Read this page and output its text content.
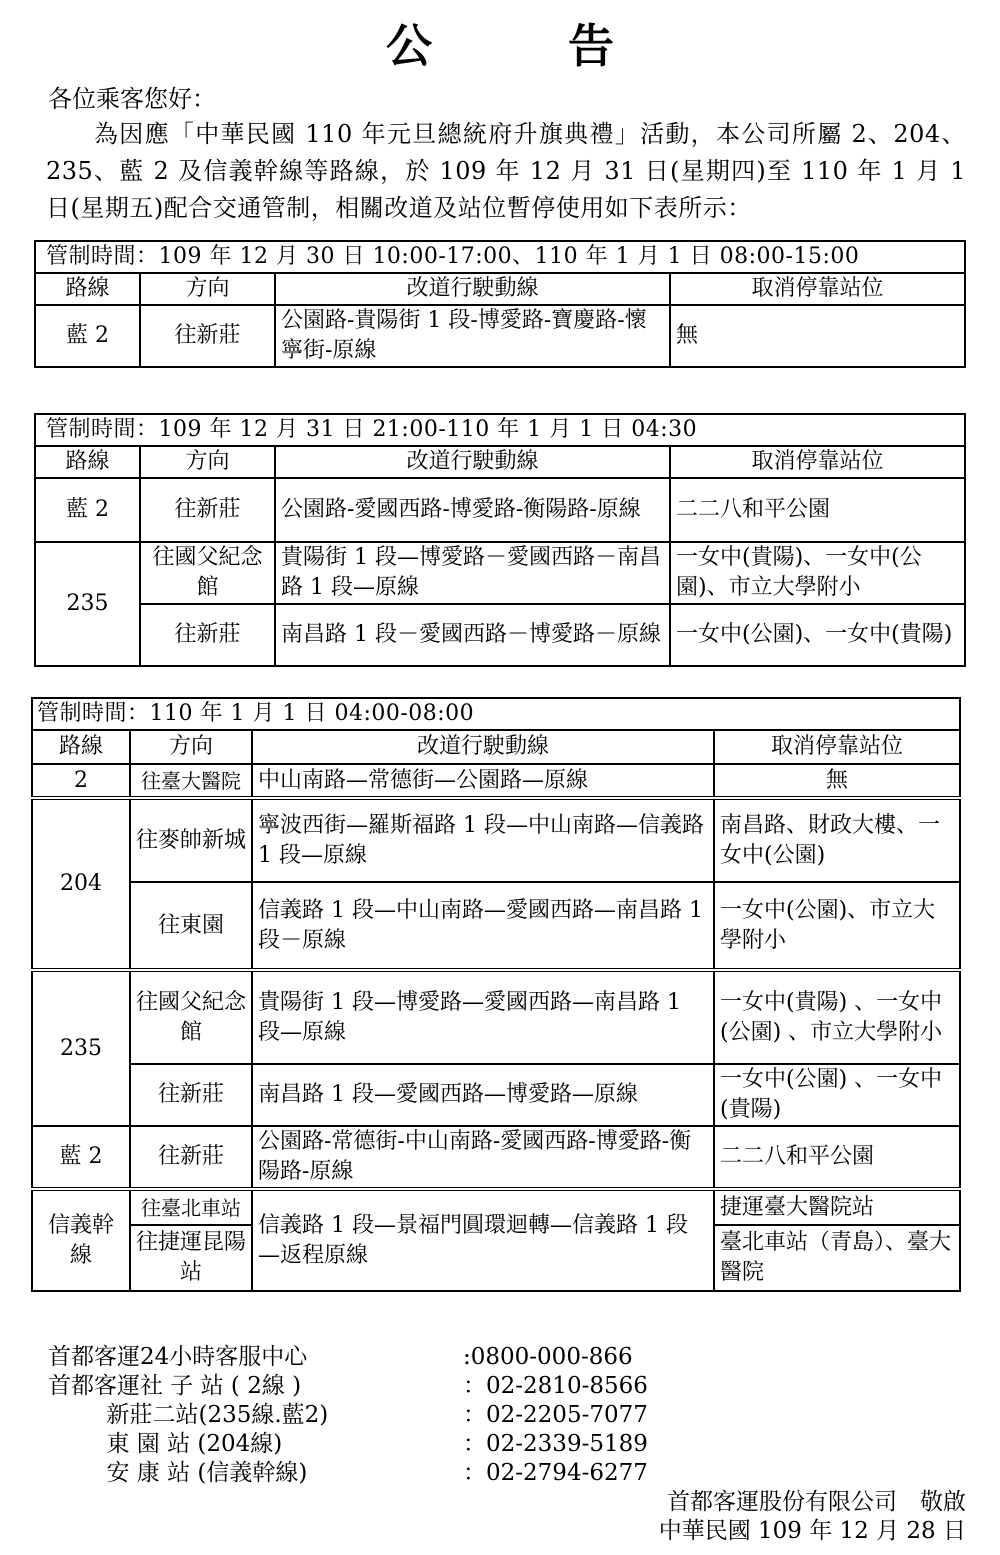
公 告
各位乘客您好：
為因應「中華民國 110 年元旦總統府升旗典禮」活動，本公司所屬 2、204、235、藍 2 及信義幹線等路線，於 109 年 12 月 31 日(星期四)至 110 年 1 月 1 日(星期五)配合交通管制，相關改道及站位暫停使用如下表所示：
管制時間：109 年 12 月 30 日 10:00-17:00、110 年 1 月 1 日 08:00-15:00			
路線	方向	改道行駛動線	取消停靠站位
藍 2	往新莊	公園路-貴陽街 1 段-博愛路-寶慶路-懷寧街-原線	無
管制時間：109 年 12 月 31 日 21:00-110 年 1 月 1 日 04:30			
路線	方向	改道行駛動線	取消停靠站位
藍 2	往新莊	公園路-愛國西路-博愛路-衡陽路-原線	二二八和平公園
235	往國父紀念館	貴陽街 1 段—博愛路－愛國西路－南昌路 1 段—原線	一女中(貴陽)、一女中(公園)、市立大學附小
	往新莊	南昌路 1 段－愛國西路－博愛路－原線	一女中(公園)、一女中(貴陽)
管制時間：110 年 1 月 1 日 04:00-08:00			
路線	方向	改道行駛動線	取消停靠站位
2	往臺大醫院	中山南路—常德街—公園路—原線	無
204	往麥帥新城	寧波西街—羅斯福路 1 段—中山南路—信義路 1 段—原線	南昌路、財政大樓、一女中(公園)
	往東園	信義路 1 段—中山南路—愛國西路—南昌路 1 段－原線	一女中(公園)、市立大學附小
235	往國父紀念館	貴陽街 1 段—博愛路—愛國西路—南昌路 1 段—原線	一女中(貴陽) 、一女中(公園) 、市立大學附小
	往新莊	南昌路 1 段—愛國西路—博愛路—原線	一女中(公園) 、一女中(貴陽)
藍 2	往新莊	公園路-常德街-中山南路-愛國西路-博愛路-衡陽路-原線	二二八和平公園
信義幹線	往臺北車站	信義路 1 段—景福門圓環迴轉—信義路 1 段—返程原線	捷運臺大醫院站
	往捷運昆陽站		臺北車站（青島）、臺大醫院
首都客運24小時客服中心	:0800-000-866
首都客運社 子 站 ( 2線 )	：02-2810-8566
新莊二站(235線.藍2)	：02-2205-7077
東 園 站 (204線)	：02-2339-5189
安 康 站 (信義幹線)	：02-2794-6277
首都客運股份有限公司　敬啟
中華民國 109 年 12 月 28 日
